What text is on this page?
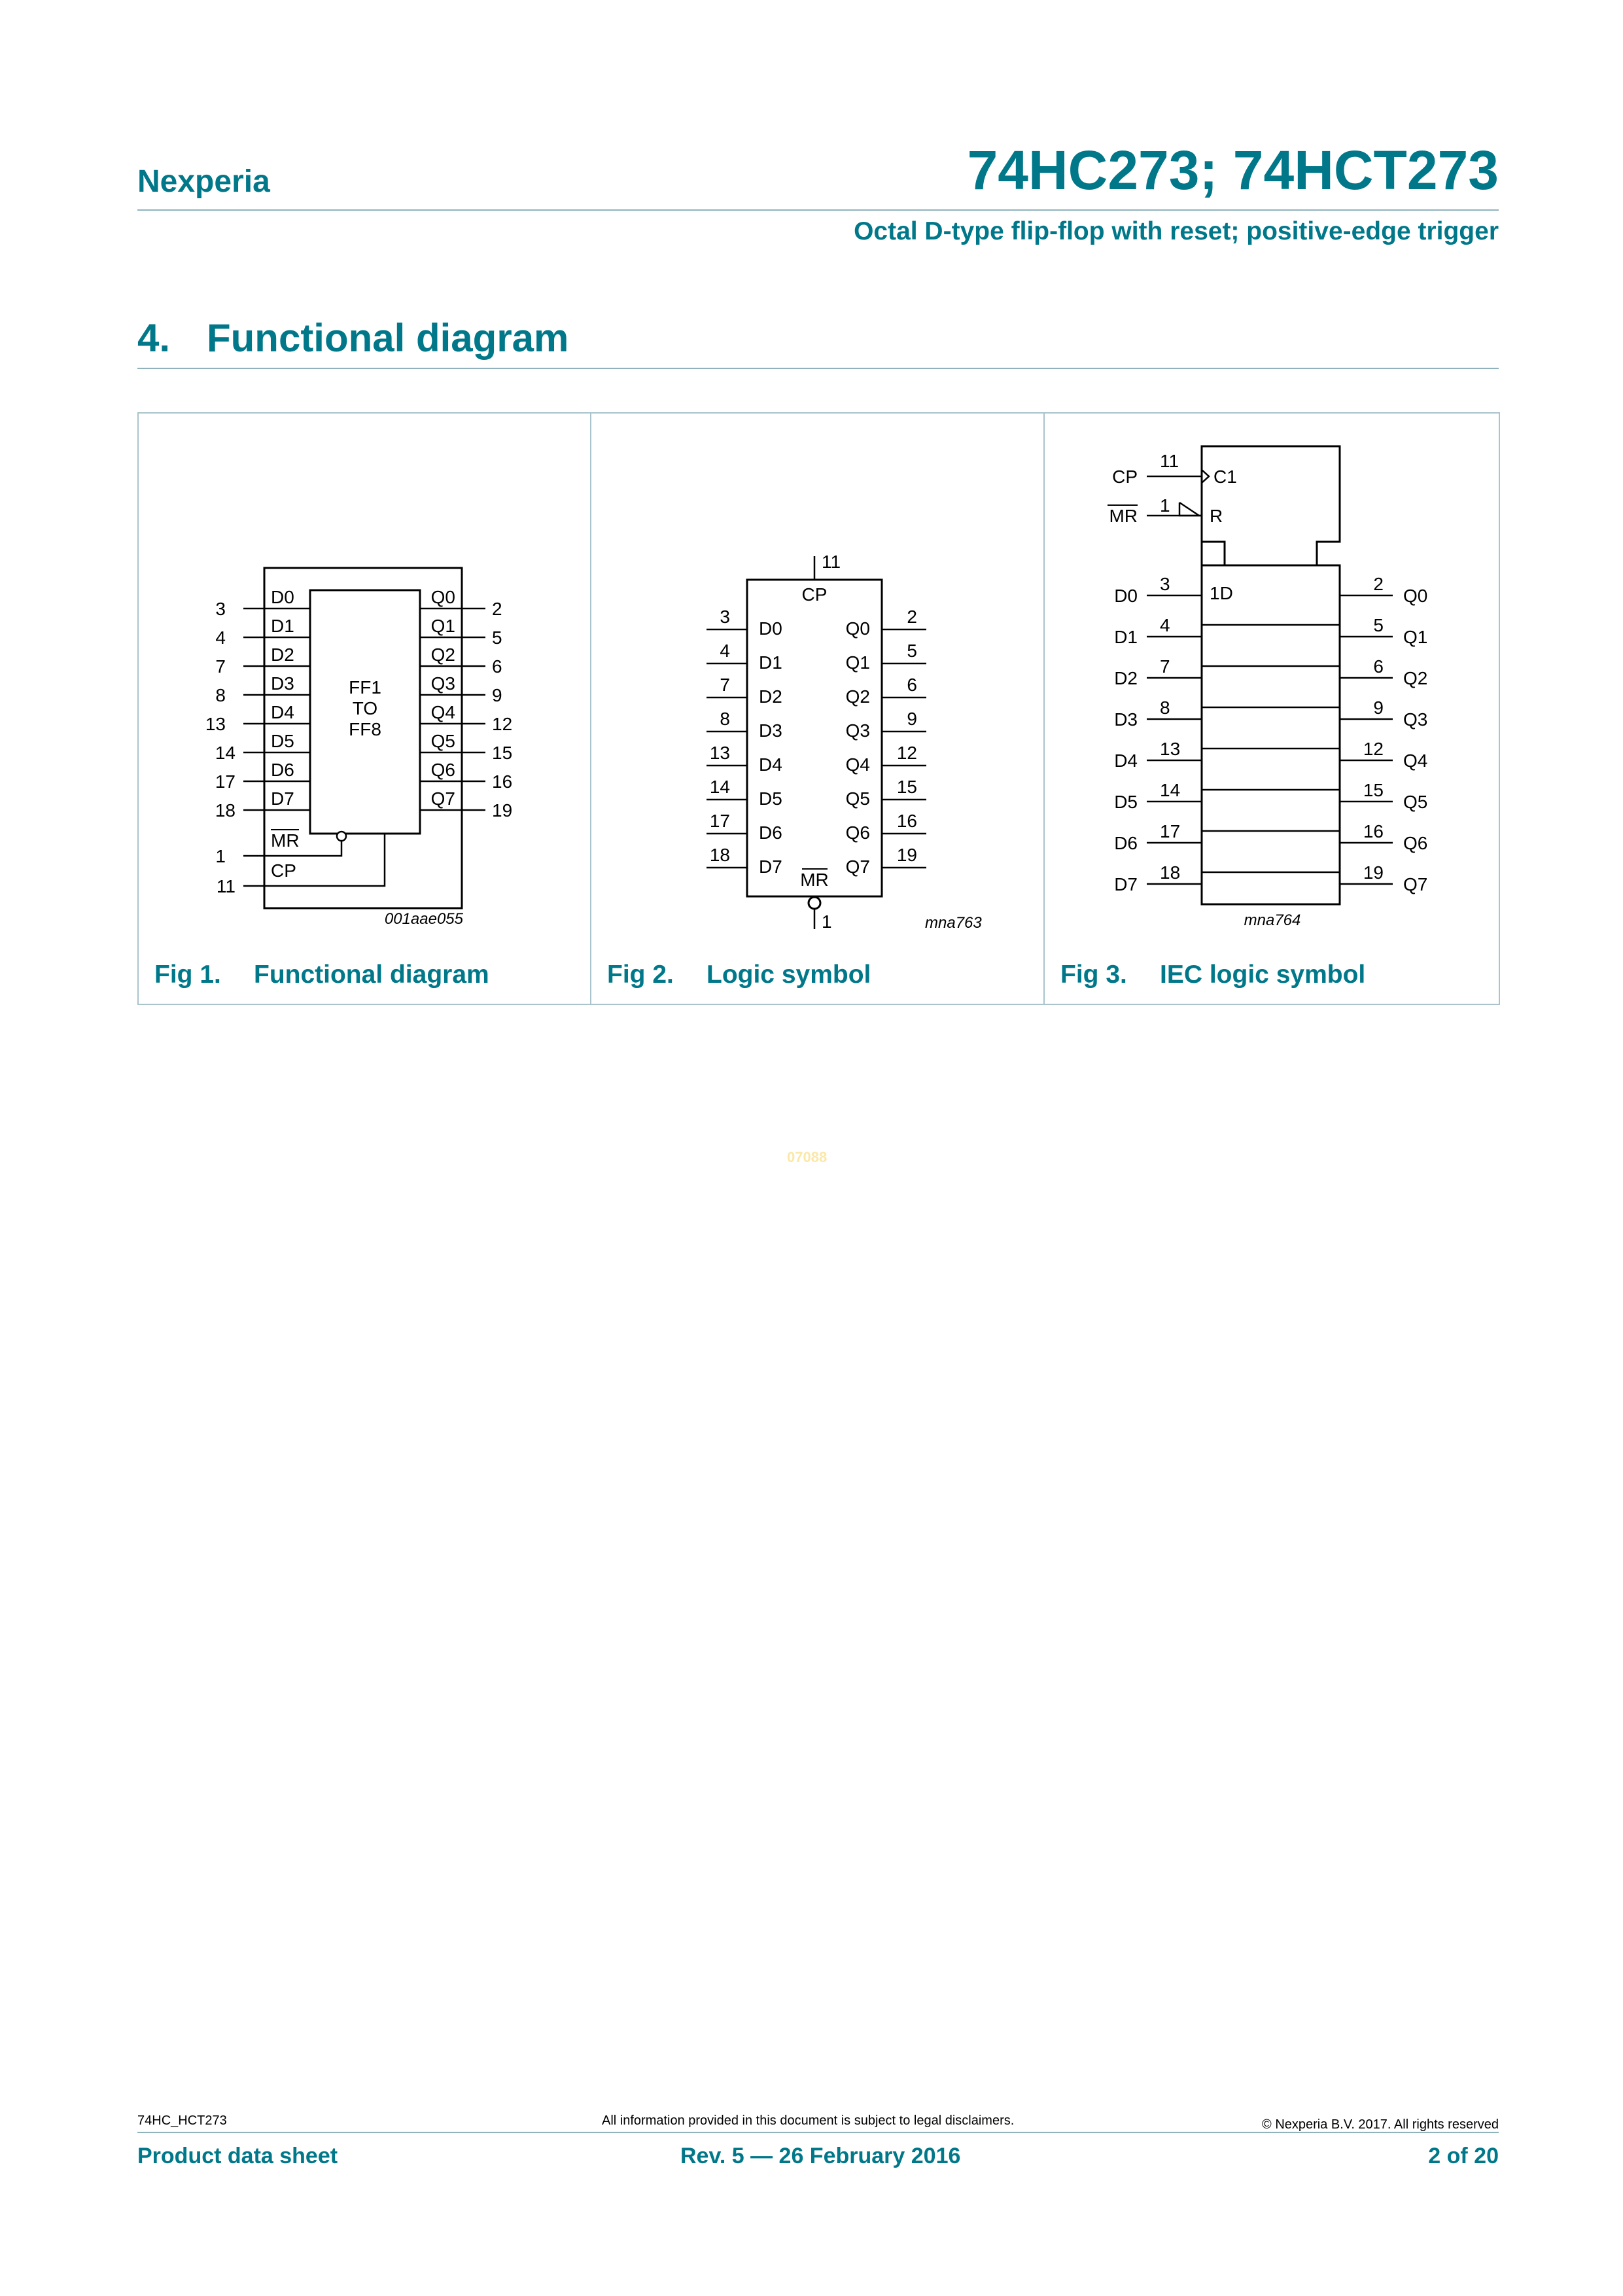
Nexperia	74HC273; 74HCT273
Octal D-type flip-flop with reset; positive-edge trigger
4. Functional diagram
D0
3
Q0
2
D1
4
Q1
5
D2
7
Q2
6
D3
8
Q3
9
D4
13
Q4
12
D5
14
Q5
15
D6
17
Q6
16
D7
18
Q7
19
FF1
TO
FF8
MR
1
CP
11
001aae055
Fig 1. Functional diagram
D0	Q0
3	2
D1	Q1
4	5
D2	Q2
7	6
D3	Q3
8	9
D4	Q4
13	12
D5	Q5
14	15
D6	Q6
17	16
D7	Q7
18	19
11
CP
MR
1	mna763
Fig 2. Logic symbol
D0
3
Q0
2
D1
4
Q1
5
D2
7
Q2
6
D3
8
Q3
9
D4
13
Q4
12
D5
14
Q5
15
D6
17
Q6
16
D7
18
Q7
19
CP
11
C1
MR
1
R
1D
mna764
Fig 3. IEC logic symbol
07088
74HC_HCT273	All information provided in this document is subject to legal disclaimers.	© Nexperia B.V. 2017. All rights reserved
Product data sheet	Rev. 5 — 26 February 2016	2 of 20
